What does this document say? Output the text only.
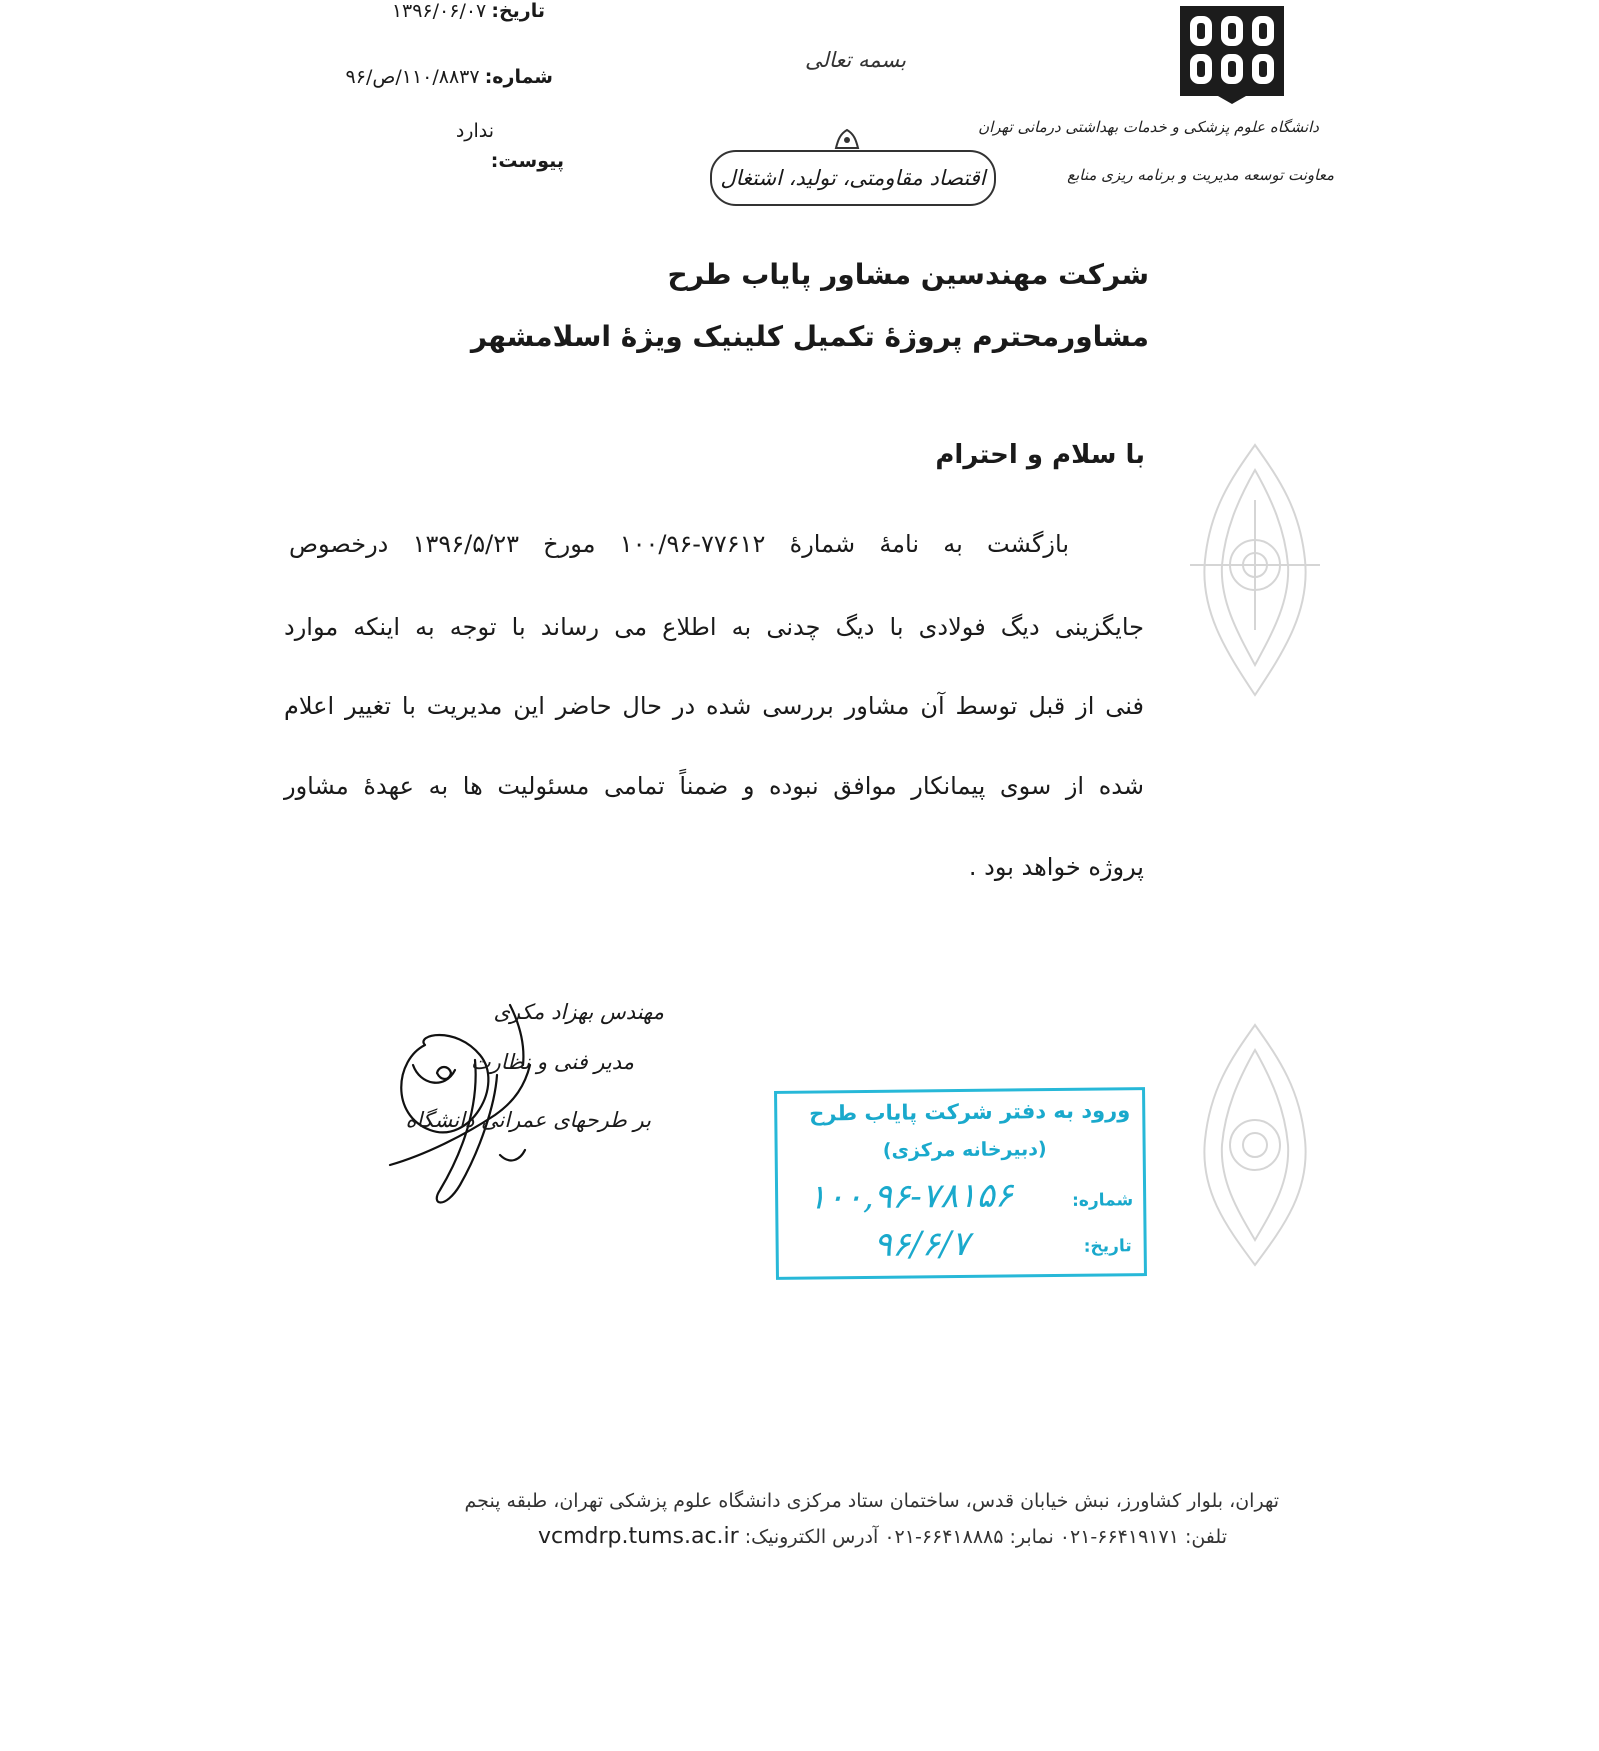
دانشگاه علوم پزشکی و خدمات بهداشتی درمانی تهران
معاونت توسعه مدیریت و برنامه ریزی منابع
بسمه تعالی
اقتصاد مقاومتی، تولید، اشتغال
تاریخ: ۱۳۹۶/۰۶/۰۷
شماره: ۱۱۰/۸۸۳۷/ص/۹۶
پیوست:
ندارد
شرکت مهندسین مشاور پایاب طرح
مشاورمحترم پروژۀ تکمیل کلینیک ویژۀ اسلامشهر
با سلام و احترام
بازگشت به نامۀ شمارۀ ۷۷۶۱۲-۱۰۰/۹۶ مورخ ۱۳۹۶/۵/۲۳ درخصوص
جایگزینی دیگ فولادی با دیگ چدنی به اطلاع می رساند با توجه به اینکه موارد
فنی از قبل توسط آن مشاور بررسی شده در حال حاضر این مدیریت با تغییر اعلام
شده از سوی پیمانکار موافق نبوده و ضمناً تمامی مسئولیت ها به عهدۀ مشاور
پروژه خواهد بود .
مهندس بهزاد مکری
مدیر فنی و نظارت
بر طرحهای عمرانی دانشگاه	ورود به دفتر شرکت پایاب طرح
(دبیرخانه مرکزی)
شماره:
۱۰۰,۹۶-۷۸۱۵۶
تاریخ:
۹۶/۶/۷
تهران، بلوار کشاورز، نبش خیابان قدس، ساختمان ستاد مرکزی دانشگاه علوم پزشکی تهران، طبقه پنجم
تلفن: ۶۶۴۱۹۱۷۱-۰۲۱ نمابر: ۶۶۴۱۸۸۸۵-۰۲۱ آدرس الکترونیک: vcmdrp.tums.ac.ir
